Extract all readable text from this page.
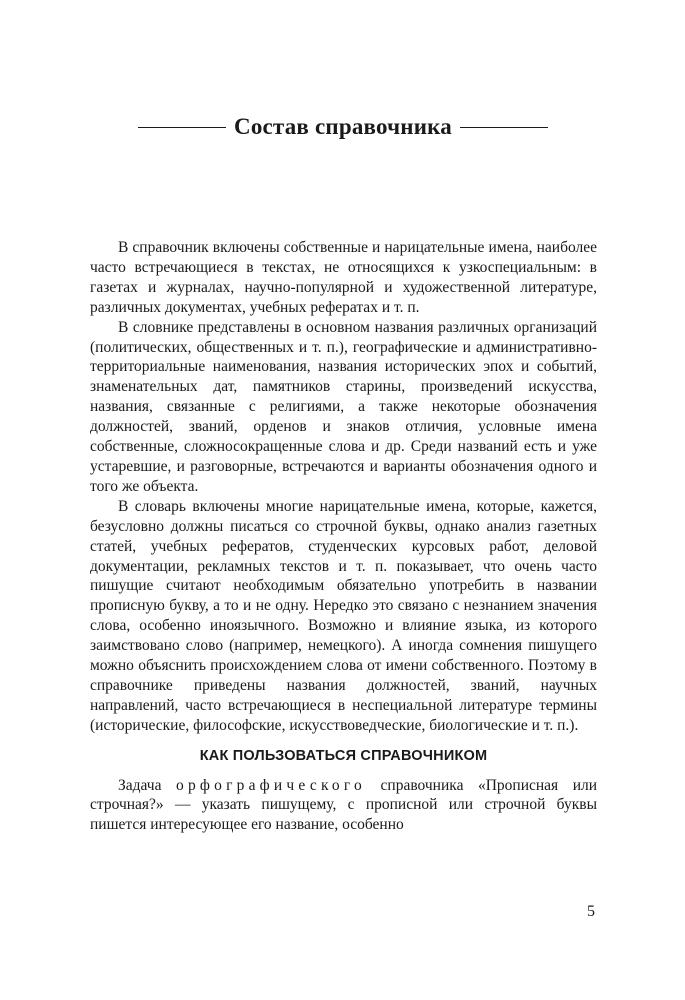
Состав справочника

В справочник включены собственные и нарицательные имена, наиболее часто встречающиеся в текстах, не относящихся к узкоспециальным: в газетах и журналах, научно-популярной и художественной литературе, различных документах, учебных рефератах и т. п.

В словнике представлены в основном названия различных организаций (политических, общественных и т. п.), географические и административно-территориальные наименования, названия исторических эпох и событий, знаменательных дат, памятников старины, произведений искусства, названия, связанные с религиями, а также некоторые обозначения должностей, званий, орденов и знаков отличия, условные имена собственные, сложносокращенные слова и др. Среди названий есть и уже устаревшие, и разговорные, встречаются и варианты обозначения одного и того же объекта.

В словарь включены многие нарицательные имена, которые, кажется, безусловно должны писаться со строчной буквы, однако анализ газетных статей, учебных рефератов, студенческих курсовых работ, деловой документации, рекламных текстов и т. п. показывает, что очень часто пишущие считают необходимым обязательно употребить в названии прописную букву, а то и не одну. Нередко это связано с незнанием значения слова, особенно иноязычного. Возможно и влияние языка, из которого заимствовано слово (например, немецкого). А иногда сомнения пишущего можно объяснить происхождением слова от имени собственного. Поэтому в справочнике приведены названия должностей, званий, научных направлений, часто встречающиеся в неспециальной литературе термины (исторические, философские, искусствоведческие, биологические и т. п.).

КАК ПОЛЬЗОВАТЬСЯ СПРАВОЧНИКОМ

Задача орфографического справочника «Прописная или строчная?» — указать пишущему, с прописной или строчной буквы пишется интересующее его название, особенно

5
